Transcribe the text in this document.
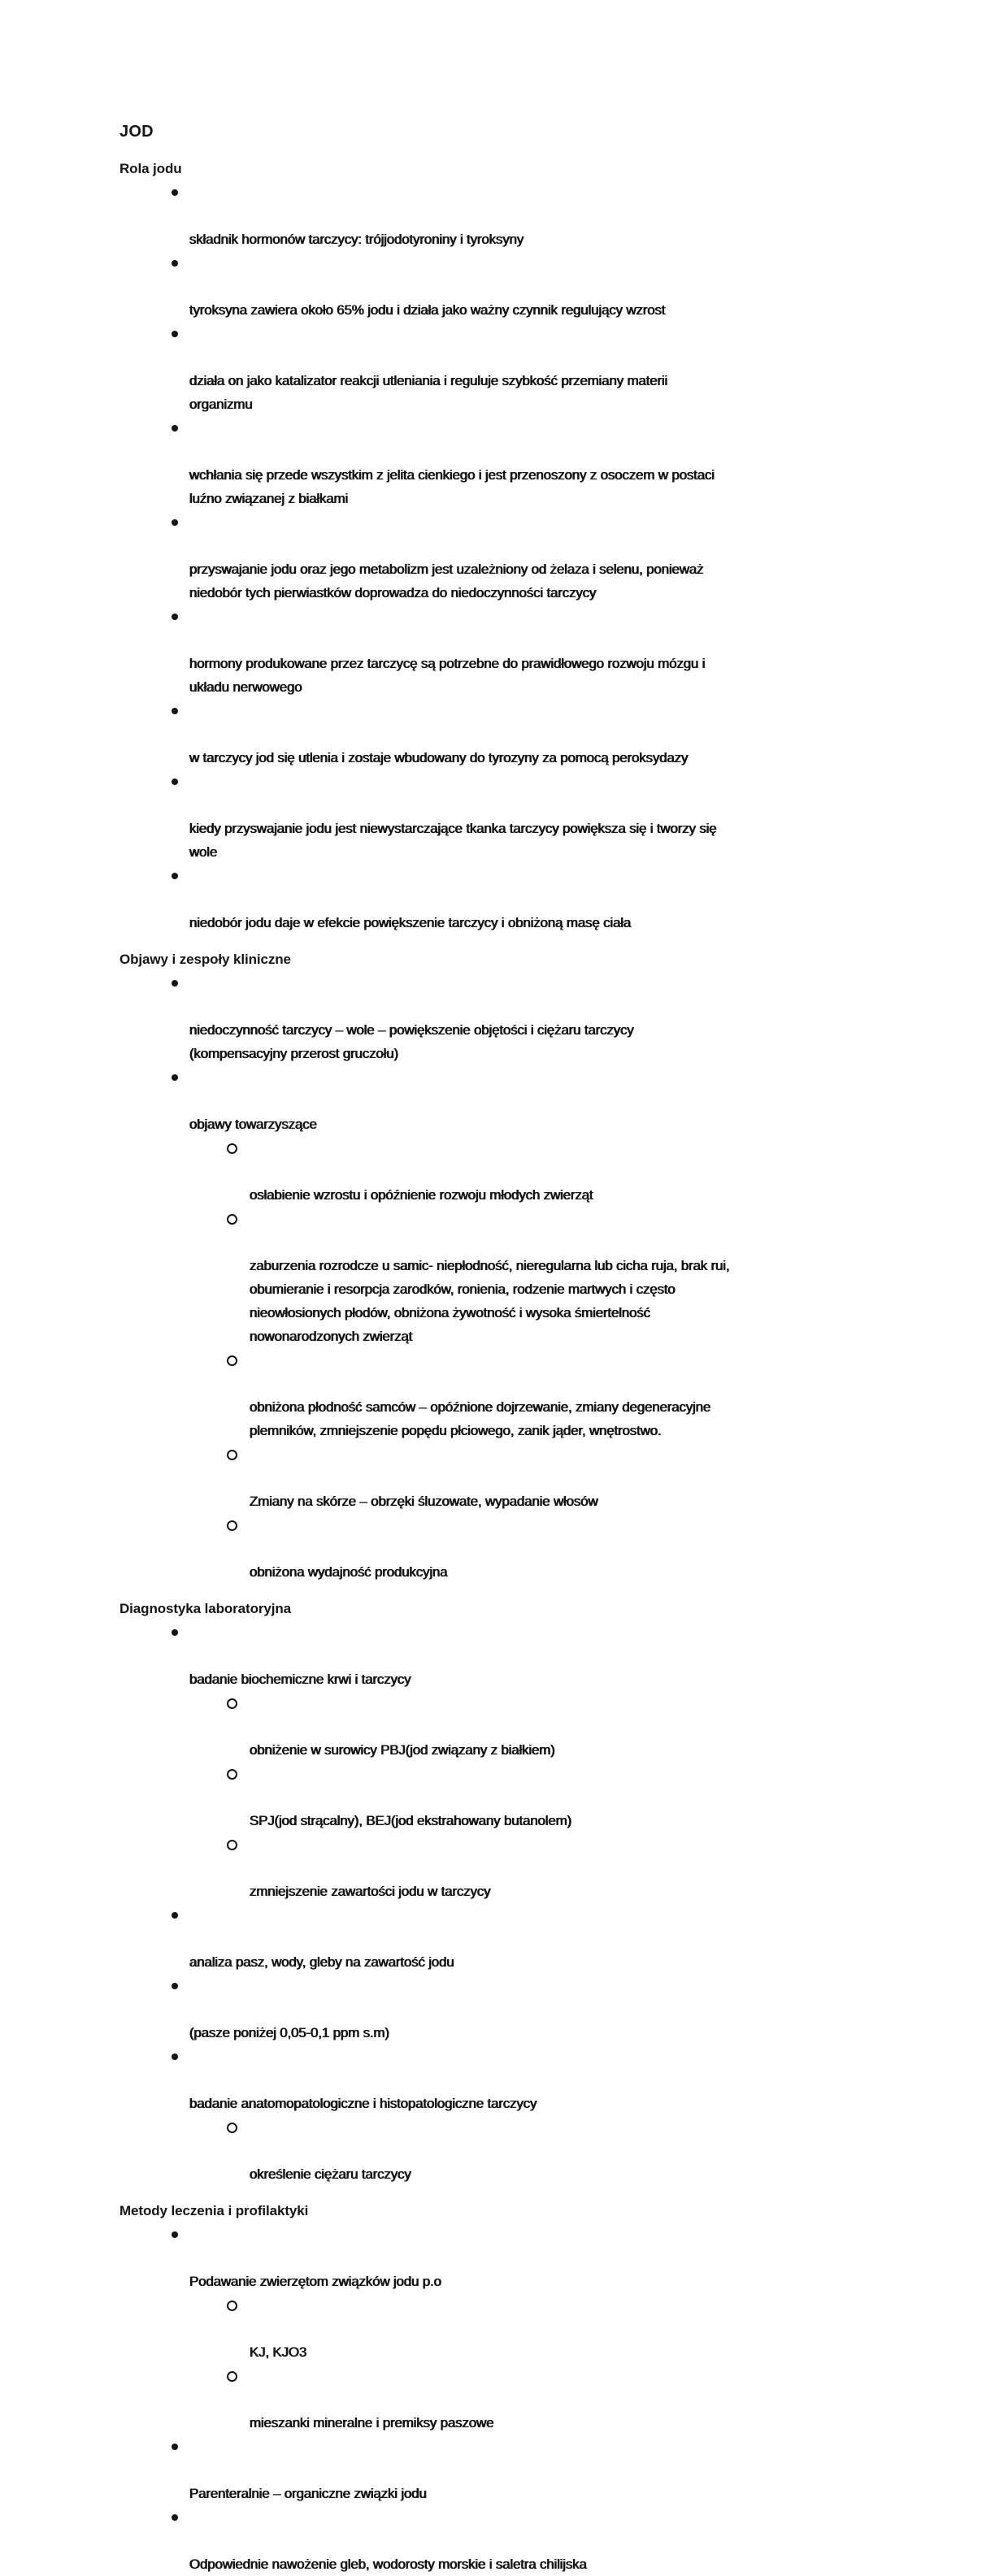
JOD
Rola jodu

składnik hormonów tarczycy: trójjodotyroniny i tyroksyny

tyroksyna zawiera około 65% jodu i działa jako ważny czynnik regulujący wzrost

działa on jako katalizator reakcji utleniania i reguluje szybkość przemiany materii
organizmu

wchłania się przede wszystkim z jelita cienkiego i jest przenoszony z osoczem w postaci
luźno związanej z białkami

przyswajanie jodu oraz jego metabolizm jest uzależniony od żelaza i selenu, ponieważ
niedobór tych pierwiastków doprowadza do niedoczynności tarczycy

hormony produkowane przez tarczycę są potrzebne do prawidłowego rozwoju mózgu i
układu nerwowego

w tarczycy jod się utlenia i zostaje wbudowany do tyrozyny za pomocą peroksydazy

kiedy przyswajanie jodu jest niewystarczające tkanka tarczycy powiększa się i tworzy się
wole

niedobór jodu daje w efekcie powiększenie tarczycy i obniżoną masę ciała

Objawy i zespoły kliniczne

niedoczynność tarczycy – wole – powiększenie objętości i ciężaru tarczycy
(kompensacyjny przerost gruczołu)

objawy towarzyszące

osłabienie wzrostu i opóźnienie rozwoju młodych zwierząt

zaburzenia rozrodcze u samic- niepłodność, nieregularna lub cicha ruja, brak rui,
obumieranie i resorpcja zarodków, ronienia, rodzenie martwych i często
nieowłosionych płodów, obniżona żywotność i wysoka śmiertelność
nowonarodzonych zwierząt

obniżona płodność samców – opóźnione dojrzewanie, zmiany degeneracyjne
plemników, zmniejszenie popędu płciowego, zanik jąder, wnętrostwo.

Zmiany na skórze – obrzęki śluzowate, wypadanie włosów

obniżona wydajność produkcyjna

Diagnostyka laboratoryjna

badanie biochemiczne krwi i tarczycy

obniżenie w surowicy PBJ(jod związany z białkiem)

SPJ(jod strącalny), BEJ(jod ekstrahowany butanolem)

zmniejszenie zawartości jodu w tarczycy

analiza pasz, wody, gleby na zawartość jodu

(pasze poniżej 0,05-0,1 ppm s.m)

badanie anatomopatologiczne i histopatologiczne tarczycy

określenie ciężaru tarczycy

Metody leczenia i profilaktyki

Podawanie zwierzętom związków jodu p.o

KJ, KJO3

mieszanki mineralne i premiksy paszowe

Parenteralnie – organiczne związki jodu

Odpowiednie nawożenie gleb, wodorosty morskie i saletra chilijska
